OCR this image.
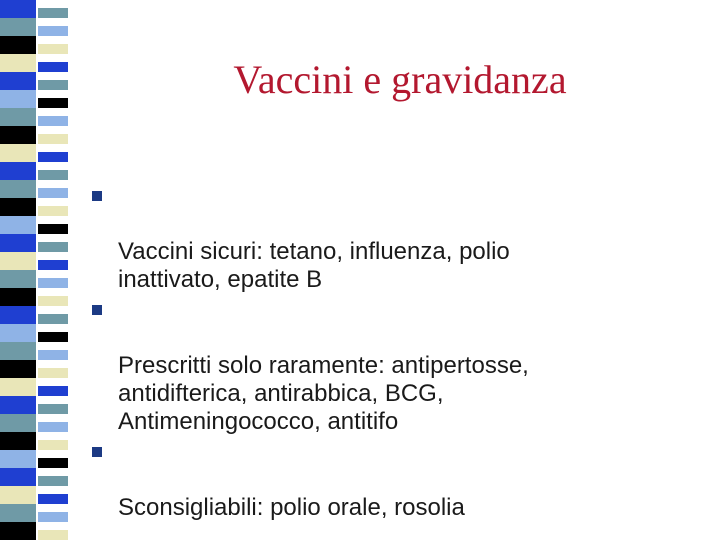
Vaccini e gravidanza

Vaccini sicuri: tetano, influenza, polio
inattivato, epatite B

Prescritti solo raramente: antipertosse,
antidifterica, antirabbica, BCG,
Antimeningococco, antitifo

Sconsigliabili: polio orale, rosolia
